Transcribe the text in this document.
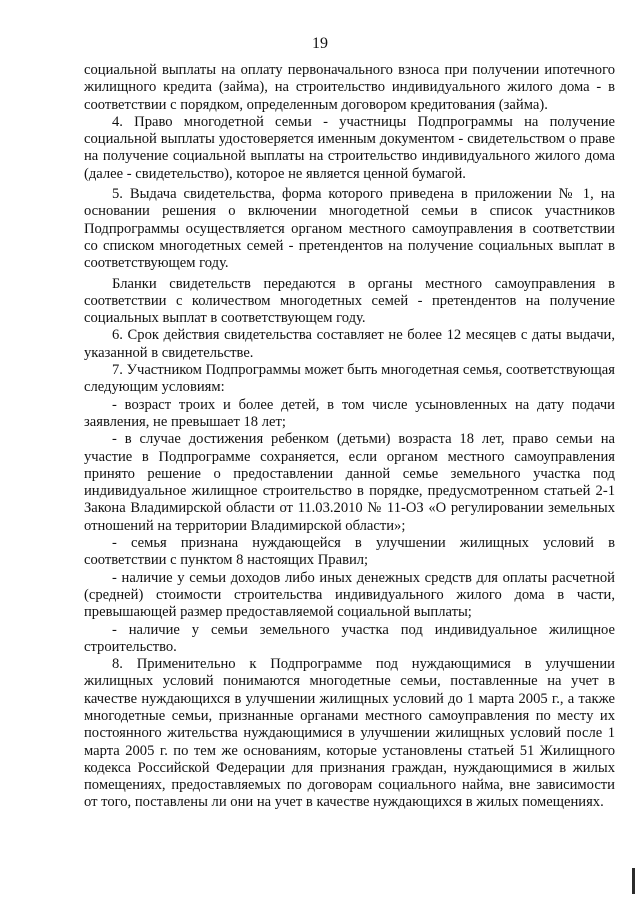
19

социальной выплаты на оплату первоначального взноса при получении ипотечного жилищного кредита (займа), на строительство индивидуального жилого дома - в соответствии с порядком, определенным договором кредитования (займа).

4. Право многодетной семьи - участницы Подпрограммы на получение социальной выплаты удостоверяется именным документом - свидетельством о праве на получение социальной выплаты на строительство индивидуального жилого дома (далее - свидетельство), которое не является ценной бумагой.

5. Выдача свидетельства, форма которого приведена в приложении № 1, на основании решения о включении многодетной семьи в список участников Подпрограммы осуществляется органом местного самоуправления в соответствии со списком многодетных семей - претендентов на получение социальных выплат в соответствующем году.

Бланки свидетельств передаются в органы местного самоуправления в соответствии с количеством многодетных семей - претендентов на получение социальных выплат в соответствующем году.

6. Срок действия свидетельства составляет не более 12 месяцев с даты выдачи, указанной в свидетельстве.

7. Участником Подпрограммы может быть многодетная семья, соответствующая следующим условиям:

- возраст троих и более детей, в том числе усыновленных на дату подачи заявления, не превышает 18 лет;

- в случае достижения ребенком (детьми) возраста 18 лет, право семьи на участие в Подпрограмме сохраняется, если органом местного самоуправления принято решение о предоставлении данной семье земельного участка под индивидуальное жилищное строительство в порядке, предусмотренном статьей 2-1 Закона Владимирской области от 11.03.2010 № 11-ОЗ «О регулировании земельных отношений на территории Владимирской области»;

- семья признана нуждающейся в улучшении жилищных условий в соответствии с пунктом 8 настоящих Правил;

- наличие у семьи доходов либо иных денежных средств для оплаты расчетной (средней) стоимости строительства индивидуального жилого дома в части, превышающей размер предоставляемой социальной выплаты;

- наличие у семьи земельного участка под индивидуальное жилищное строительство.

8. Применительно к Подпрограмме под нуждающимися в улучшении жилищных условий понимаются многодетные семьи, поставленные на учет в качестве нуждающихся в улучшении жилищных условий до 1 марта 2005 г., а также многодетные семьи, признанные органами местного самоуправления по месту их постоянного жительства нуждающимися в улучшении жилищных условий после 1 марта 2005 г. по тем же основаниям, которые установлены статьей 51 Жилищного кодекса Российской Федерации для признания граждан, нуждающимися в жилых помещениях, предоставляемых по договорам социального найма, вне зависимости от того, поставлены ли они на учет в качестве нуждающихся в жилых помещениях.
